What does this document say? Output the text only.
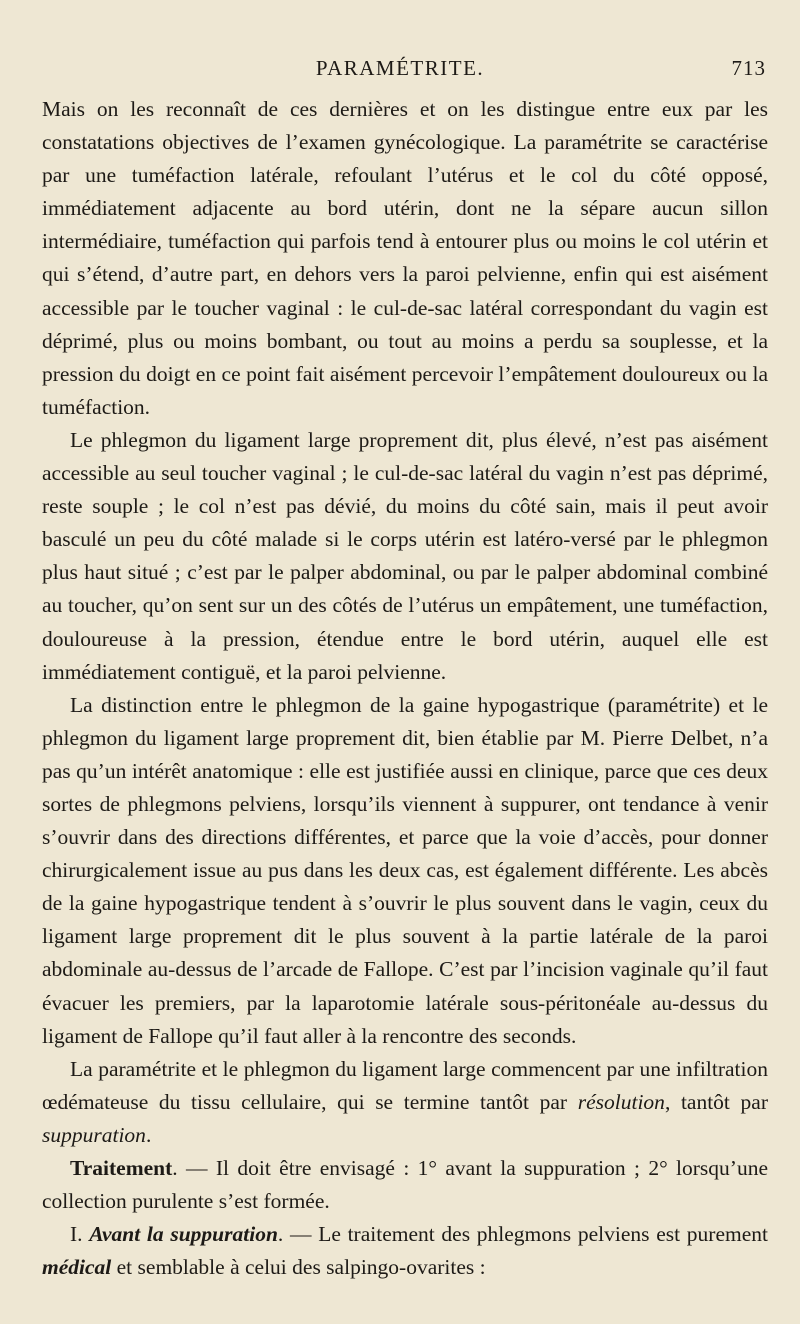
PARAMÉTRITE.	713

Mais on les reconnaît de ces dernières et on les distingue entre eux par les constatations objectives de l’examen gynécologique. La paramétrite se caractérise par une tuméfaction latérale, refoulant l’utérus et le col du côté opposé, immédiatement adjacente au bord utérin, dont ne la sépare aucun sillon intermédiaire, tuméfaction qui parfois tend à entourer plus ou moins le col utérin et qui s’étend, d’autre part, en dehors vers la paroi pelvienne, enfin qui est aisément accessible par le toucher vaginal : le cul-de-sac latéral correspondant du vagin est déprimé, plus ou moins bombant, ou tout au moins a perdu sa souplesse, et la pression du doigt en ce point fait aisément percevoir l’empâtement douloureux ou la tuméfaction.

Le phlegmon du ligament large proprement dit, plus élevé, n’est pas aisément accessible au seul toucher vaginal ; le cul-de-sac latéral du vagin n’est pas déprimé, reste souple ; le col n’est pas dévié, du moins du côté sain, mais il peut avoir basculé un peu du côté malade si le corps utérin est latéro-versé par le phlegmon plus haut situé ; c’est par le palper abdominal, ou par le palper abdominal combiné au toucher, qu’on sent sur un des côtés de l’utérus un empâtement, une tuméfaction, douloureuse à la pression, étendue entre le bord utérin, auquel elle est immédiatement contiguë, et la paroi pelvienne.

La distinction entre le phlegmon de la gaine hypogastrique (paramétrite) et le phlegmon du ligament large proprement dit, bien établie par M. Pierre Delbet, n’a pas qu’un intérêt anatomique : elle est justifiée aussi en clinique, parce que ces deux sortes de phlegmons pelviens, lorsqu’ils viennent à suppurer, ont tendance à venir s’ouvrir dans des directions différentes, et parce que la voie d’accès, pour donner chirurgicalement issue au pus dans les deux cas, est également différente. Les abcès de la gaine hypogastrique tendent à s’ouvrir le plus souvent dans le vagin, ceux du ligament large proprement dit le plus souvent à la partie latérale de la paroi abdominale au-dessus de l’arcade de Fallope. C’est par l’incision vaginale qu’il faut évacuer les premiers, par la laparotomie latérale sous-péritonéale au-dessus du ligament de Fallope qu’il faut aller à la rencontre des seconds.

La paramétrite et le phlegmon du ligament large commencent par une infiltration œdémateuse du tissu cellulaire, qui se termine tantôt par résolution, tantôt par suppuration.

Traitement. — Il doit être envisagé : 1° avant la suppuration ; 2° lorsqu’une collection purulente s’est formée.

I. Avant la suppuration. — Le traitement des phlegmons pelviens est purement médical et semblable à celui des salpingo-ovarites :
